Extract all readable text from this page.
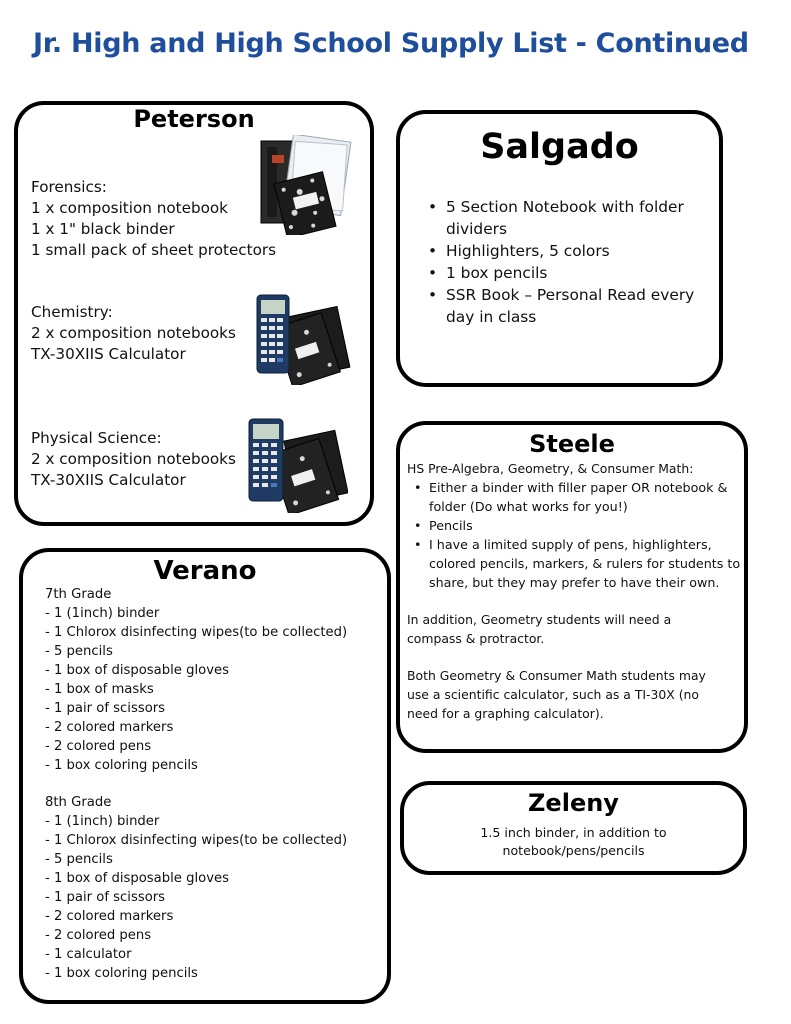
Jr. High and High School Supply List - Continued
Peterson
Forensics:
1 x composition notebook
1 x 1" black binder
1 small pack of sheet protectors
Chemistry:
2 x composition notebooks
TX-30XIIS Calculator
Physical Science:
2 x composition notebooks
TX-30XIIS Calculator
Salgado
• 5 Section Notebook with folder dividers
• Highlighters, 5 colors
• 1 box pencils
• SSR Book – Personal Read every day in class
Steele
HS Pre-Algebra, Geometry, & Consumer Math:
• Either a binder with filler paper OR notebook & folder (Do what works for you!)
• Pencils
• I have a limited supply of pens, highlighters, colored pencils, markers, & rulers for students to share, but they may prefer to have their own.
In addition, Geometry students will need a compass & protractor.
Both Geometry & Consumer Math students may use a scientific calculator, such as a TI-30X (no need for a graphing calculator).
Verano
7th Grade
- 1 (1inch) binder
- 1 Chlorox disinfecting wipes(to be collected)
- 5 pencils
- 1 box of disposable gloves
- 1 box of masks
- 1 pair of scissors
- 2 colored markers
- 2 colored pens
- 1 box coloring pencils
8th Grade
- 1 (1inch) binder
- 1 Chlorox disinfecting wipes(to be collected)
- 5 pencils
- 1 box of disposable gloves
- 1 pair of scissors
- 2 colored markers
- 2 colored pens
- 1 calculator
- 1 box coloring pencils
Zeleny
1.5 inch binder, in addition to
notebook/pens/pencils
